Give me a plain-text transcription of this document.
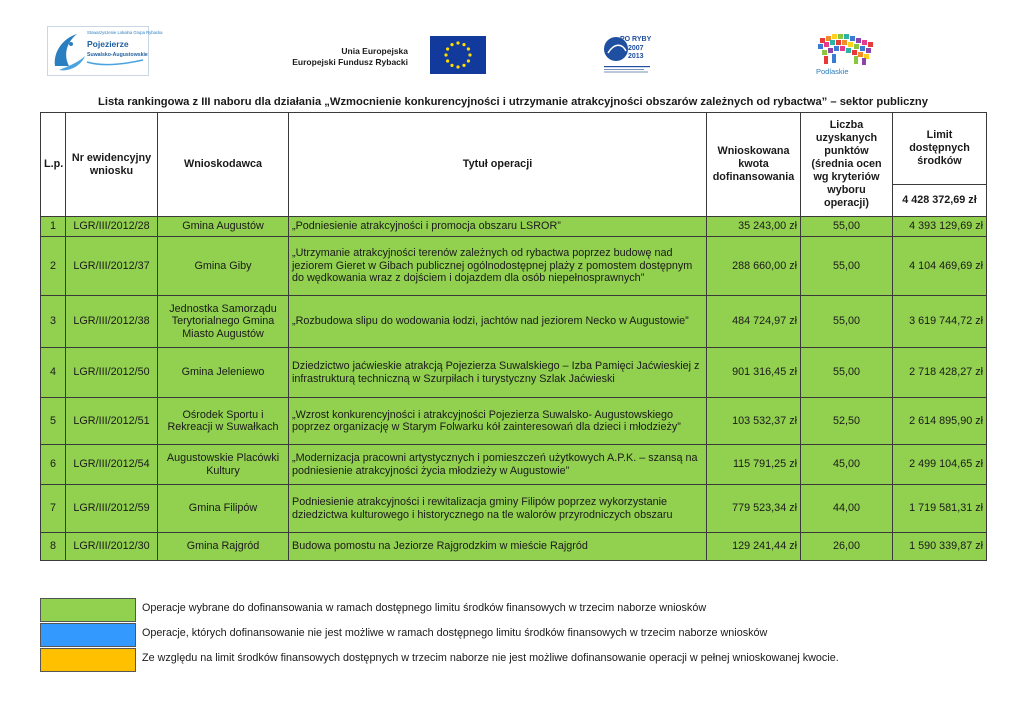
Stowarzyszenie Lokalna Grupa Rybacka
Pojezierze
Suwalsko-Augustowskie	Unia Europejska
Europejski Fundusz Rybacki
PO RYBY
2007
2013
Podlaskie
Lista rankingowa z III naboru dla działania „Wzmocnienie konkurencyjności i utrzymanie atrakcyjności obszarów zależnych od rybactwa” – sektor publiczny
L.p.	Nr ewidencyjny wniosku	Wnioskodawca	Tytuł operacji	Wnioskowana kwota dofinansowania	Liczba uzyskanych punktów (średnia ocen wg kryteriów wyboru operacji)	Limit dostępnych środków
						4 428 372,69 zł
1	LGR/III/2012/28	Gmina Augustów	„Podniesienie atrakcyjności i promocja obszaru LSROR”	35 243,00 zł	55,00	4 393 129,69 zł
2	LGR/III/2012/37	Gmina Giby	„Utrzymanie atrakcyjności terenów zależnych od rybactwa poprzez budowę nad jeziorem Gieret w Gibach publicznej ogólnodostępnej plaży z pomostem dostępnym do wędkowania wraz z dojściem i dojazdem dla osób niepełnosprawnych”	288 660,00 zł	55,00	4 104 469,69 zł
3	LGR/III/2012/38	Jednostka Samorządu Terytorialnego Gmina Miasto Augustów	„Rozbudowa slipu do wodowania łodzi, jachtów nad jeziorem Necko w Augustowie”	484 724,97 zł	55,00	3 619 744,72 zł
4	LGR/III/2012/50	Gmina Jeleniewo	Dziedzictwo jaćwieskie atrakcją Pojezierza Suwalskiego – Izba Pamięci Jaćwieskiej z infrastrukturą techniczną w Szurpiłach i turystyczny Szlak Jaćwieski	901 316,45 zł	55,00	2 718 428,27 zł
5	LGR/III/2012/51	Ośrodek Sportu i Rekreacji w Suwałkach	„Wzrost konkurencyjności i atrakcyjności Pojezierza Suwalsko- Augustowskiego poprzez organizację w Starym Folwarku kół zainteresowań dla dzieci i młodzieży”	103 532,37 zł	52,50	2 614 895,90 zł
6	LGR/III/2012/54	Augustowskie Placówki Kultury	„Modernizacja pracowni artystycznych i pomieszczeń użytkowych A.P.K. – szansą na podniesienie atrakcyjności życia młodzieży w Augustowie”	115 791,25 zł	45,00	2 499 104,65 zł
7	LGR/III/2012/59	Gmina Filipów	Podniesienie atrakcyjności i rewitalizacja gminy Filipów poprzez wykorzystanie dziedzictwa kulturowego i historycznego na tle walorów przyrodniczych obszaru	779 523,34 zł	44,00	1 719 581,31 zł
8	LGR/III/2012/30	Gmina Rajgród	Budowa pomostu na Jeziorze Rajgrodzkim w mieście Rajgród	129 241,44 zł	26,00	1 590 339,87 zł
Operacje wybrane do dofinansowania w ramach dostępnego limitu środków finansowych w trzecim naborze wniosków
Operacje, których dofinansowanie nie jest możliwe w ramach dostępnego limitu środków finansowych w trzecim naborze wniosków
Ze względu na limit środków finansowych dostępnych w trzecim naborze nie jest możliwe dofinansowanie operacji w pełnej wnioskowanej kwocie.
